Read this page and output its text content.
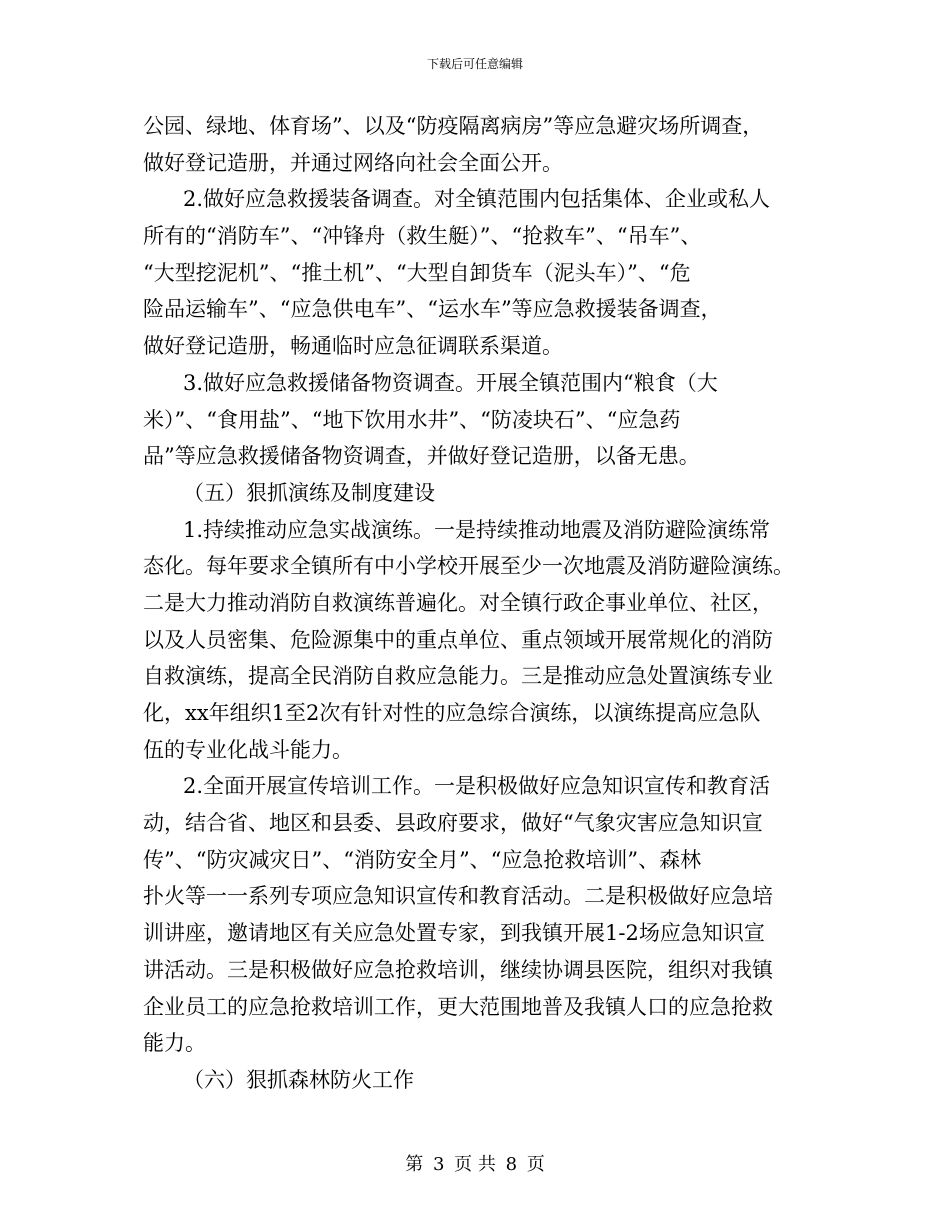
下载后可任意编辑
公园、绿地、体育场”、以及“防疫隔离病房”等应急避灾场所调查，
做好登记造册，并通过网络向社会全面公开。
2.做好应急救援装备调查。对全镇范围内包括集体、企业或私人
所有的“消防车”、“冲锋舟（救生艇）”、“抢救车”、“吊车”、
“大型挖泥机”、“推土机”、“大型自卸货车（泥头车）”、“危
险品运输车”、“应急供电车”、“运水车”等应急救援装备调查，
做好登记造册，畅通临时应急征调联系渠道。
3.做好应急救援储备物资调查。开展全镇范围内“粮食（大
米）”、“食用盐”、“地下饮用水井”、“防凌块石”、“应急药
品”等应急救援储备物资调查，并做好登记造册，以备无患。
（五）狠抓演练及制度建设
1.持续推动应急实战演练。一是持续推动地震及消防避险演练常
态化。每年要求全镇所有中小学校开展至少一次地震及消防避险演练。
二是大力推动消防自救演练普遍化。对全镇行政企事业单位、社区，
以及人员密集、危险源集中的重点单位、重点领域开展常规化的消防
自救演练，提高全民消防自救应急能力。三是推动应急处置演练专业
化，xx年组织1至2次有针对性的应急综合演练，以演练提高应急队
伍的专业化战斗能力。
2.全面开展宣传培训工作。一是积极做好应急知识宣传和教育活
动，结合省、地区和县委、县政府要求，做好“气象灾害应急知识宣
传”、“防灾减灾日”、“消防安全月”、“应急抢救培训”、森林
扑火等一一系列专项应急知识宣传和教育活动。二是积极做好应急培
训讲座，邀请地区有关应急处置专家，到我镇开展1-2场应急知识宣
讲活动。三是积极做好应急抢救培训，继续协调县医院，组织对我镇
企业员工的应急抢救培训工作，更大范围地普及我镇人口的应急抢救
能力。
（六）狠抓森林防火工作
第 3 页 共 8 页
